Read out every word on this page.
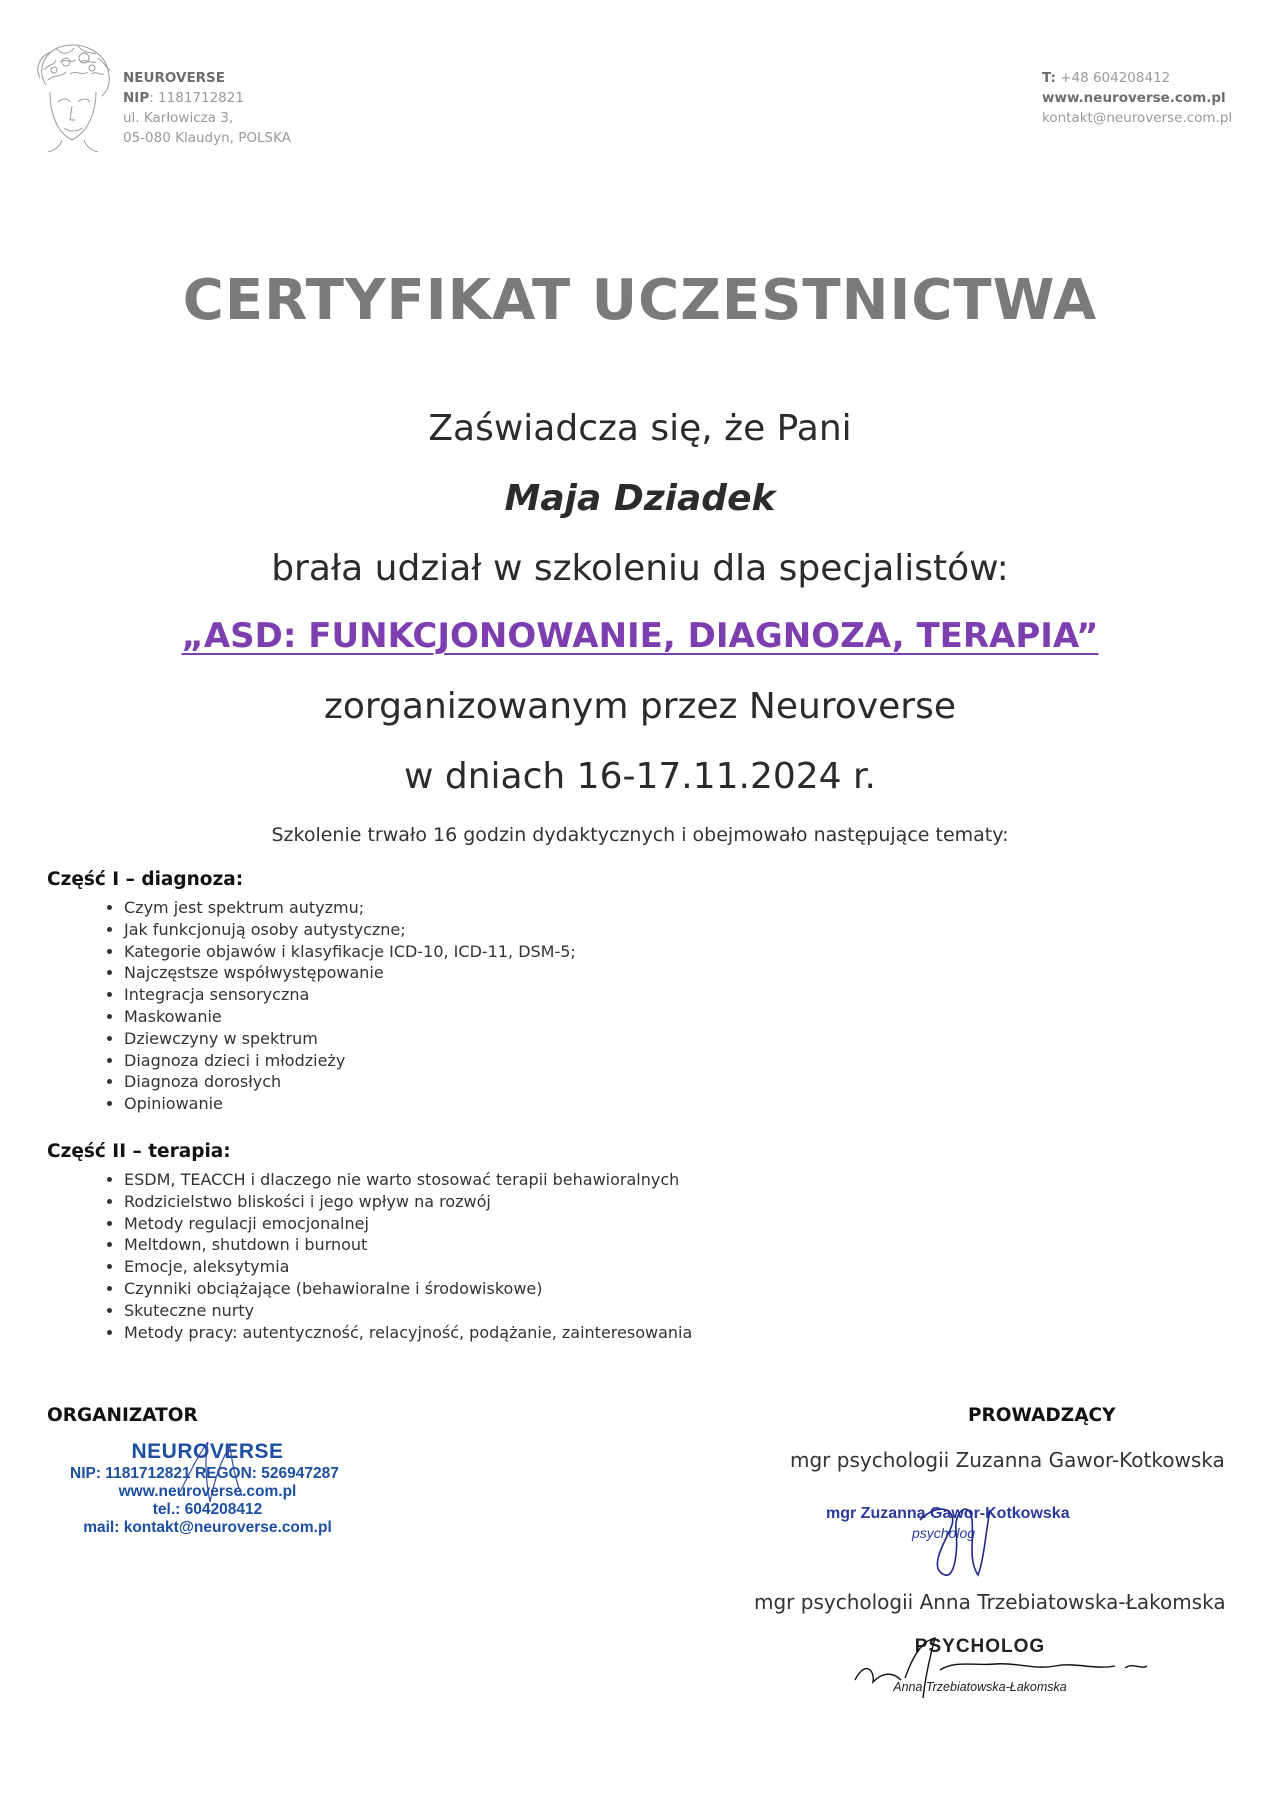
NEUROVERSE
NIP: 1181712821
ul. Karłowicza 3,
05-080 Klaudyn, POLSKA
T: +48 604208412
www.neuroverse.com.pl
kontakt@neuroverse.com.pl
CERTYFIKAT UCZESTNICTWA
Zaświadcza się, że Pani
Maja Dziadek
brała udział w szkoleniu dla specjalistów:
„ASD: FUNKCJONOWANIE, DIAGNOZA, TERAPIA”
zorganizowanym przez Neuroverse
w dniach 16-17.11.2024 r.
Szkolenie trwało 16 godzin dydaktycznych i obejmowało następujące tematy:
Część I – diagnoza:
• Czym jest spektrum autyzmu;
• Jak funkcjonują osoby autystyczne;
• Kategorie objawów i klasyfikacje ICD-10, ICD-11, DSM-5;
• Najczęstsze współwystępowanie
• Integracja sensoryczna
• Maskowanie
• Dziewczyny w spektrum
• Diagnoza dzieci i młodzieży
• Diagnoza dorosłych
• Opiniowanie
Część II – terapia:
• ESDM, TEACCH i dlaczego nie warto stosować terapii behawioralnych
• Rodzicielstwo bliskości i jego wpływ na rozwój
• Metody regulacji emocjonalnej
• Meltdown, shutdown i burnout
• Emocje, aleksytymia
• Czynniki obciążające (behawioralne i środowiskowe)
• Skuteczne nurty
• Metody pracy: autentyczność, relacyjność, podążanie, zainteresowania
ORGANIZATOR	PROWADZĄCY
NEUROVERSE
NIP: 1181712821 REGON: 526947287
www.neuroverse.com.pl
tel.: 604208412
mail: kontakt@neuroverse.com.pl
mgr psychologii Zuzanna Gawor-Kotkowska
mgr Zuzanna Gawor-Kotkowska
psycholog
mgr psychologii Anna Trzebiatowska-Łakomska
PSYCHOLOG
Anna Trzebiatowska-Łakomska
